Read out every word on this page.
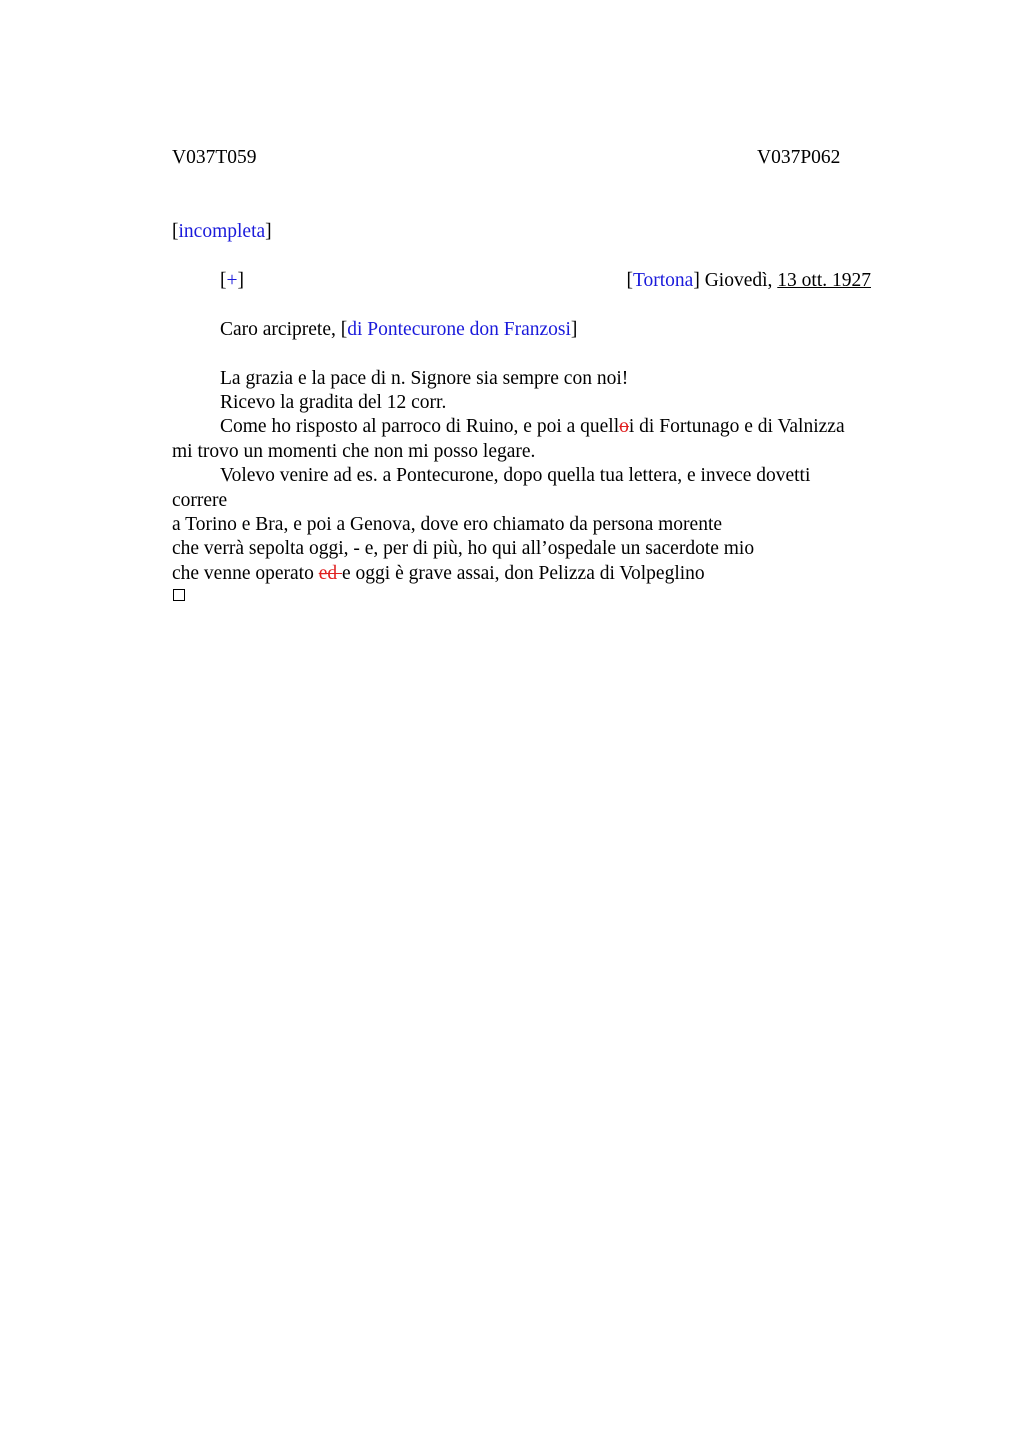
V037T059	V037P062
[incompleta]
[+]	[Tortona] Giovedì, 13 ott. 1927
Caro arciprete, [di Pontecurone don Franzosi]
La grazia e la pace di n. Signore sia sempre con noi!
Ricevo la gradita del 12 corr.
Come ho risposto al parroco di Ruino, e poi a quelloi di Fortunago e di Valnizza
mi trovo un momenti che non mi posso legare.
Volevo venire ad es. a Pontecurone, dopo quella tua lettera, e invece dovetti
correre
a Torino e Bra, e poi a Genova, dove ero chiamato da persona morente
che verrà sepolta oggi, - e, per di più, ho qui all’ospedale un sacerdote mio
che venne operato ed e oggi è grave assai, don Pelizza di Volpeglino
